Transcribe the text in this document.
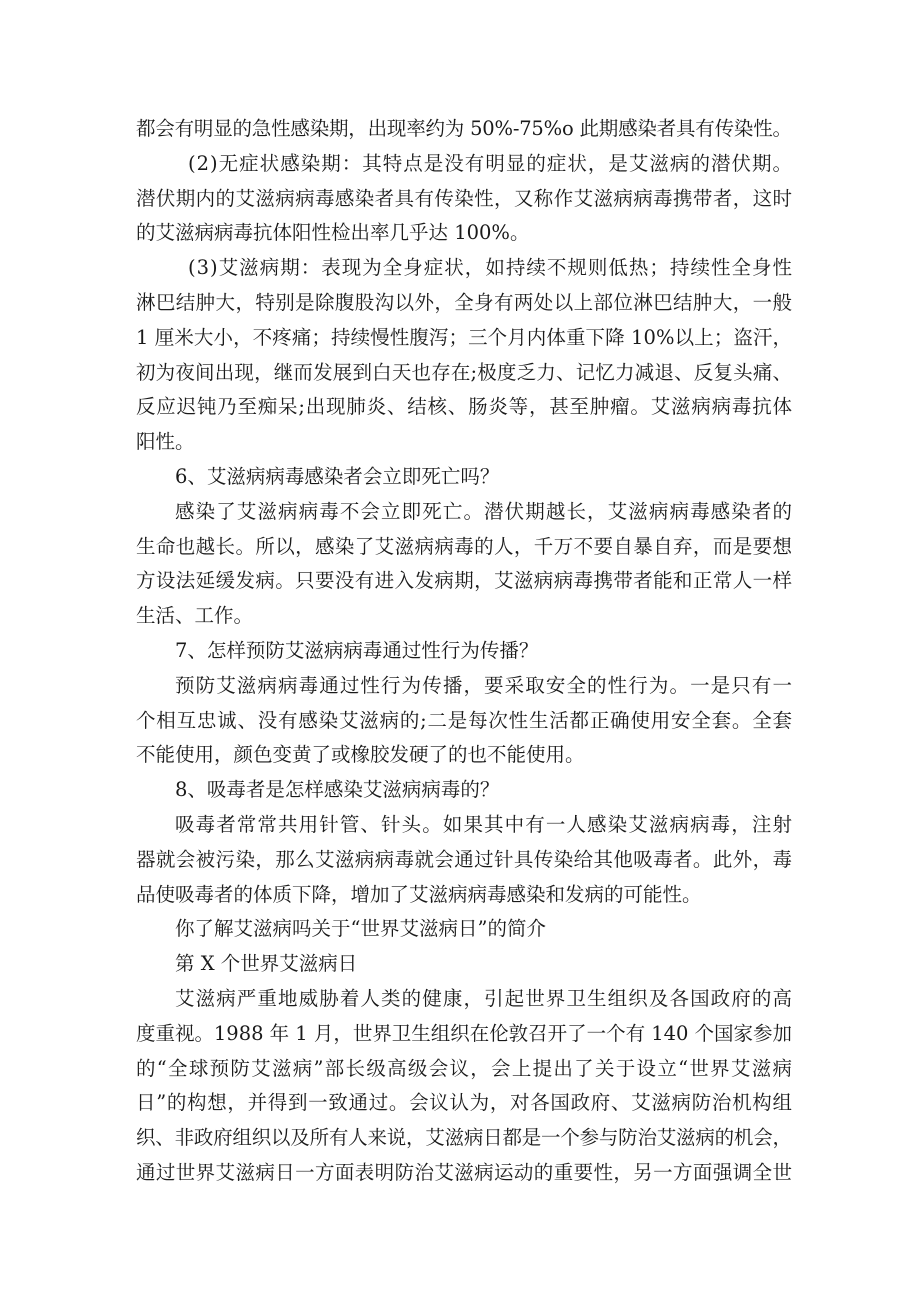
都会有明显的急性感染期，出现率约为 50%-75%o 此期感染者具有传染性。
(2)无症状感染期：其特点是没有明显的症状，是艾滋病的潜伏期。
潜伏期内的艾滋病病毒感染者具有传染性，又称作艾滋病病毒携带者，这时
的艾滋病病毒抗体阳性检出率几乎达 100%。
(3)艾滋病期：表现为全身症状，如持续不规则低热；持续性全身性
淋巴结肿大，特别是除腹股沟以外，全身有两处以上部位淋巴结肿大，一般
1 厘米大小，不疼痛；持续慢性腹泻；三个月内体重下降 10%以上；盗汗，
初为夜间出现，继而发展到白天也存在;极度乏力、记忆力减退、反复头痛、
反应迟钝乃至痴呆;出现肺炎、结核、肠炎等，甚至肿瘤。艾滋病病毒抗体
阳性。
6、艾滋病病毒感染者会立即死亡吗？
感染了艾滋病病毒不会立即死亡。潜伏期越长，艾滋病病毒感染者的
生命也越长。所以，感染了艾滋病病毒的人，千万不要自暴自弃，而是要想
方设法延缓发病。只要没有进入发病期，艾滋病病毒携带者能和正常人一样
生活、工作。
7、怎样预防艾滋病病毒通过性行为传播？
预防艾滋病病毒通过性行为传播，要采取安全的性行为。一是只有一
个相互忠诚、没有感染艾滋病的;二是每次性生活都正确使用安全套。全套
不能使用，颜色变黄了或橡胶发硬了的也不能使用。
8、吸毒者是怎样感染艾滋病病毒的？
吸毒者常常共用针管、针头。如果其中有一人感染艾滋病病毒，注射
器就会被污染，那么艾滋病病毒就会通过针具传染给其他吸毒者。此外，毒
品使吸毒者的体质下降，增加了艾滋病病毒感染和发病的可能性。
你了解艾滋病吗关于“世界艾滋病日”的简介
第 X 个世界艾滋病日
艾滋病严重地威胁着人类的健康，引起世界卫生组织及各国政府的高
度重视。1988 年 1 月，世界卫生组织在伦敦召开了一个有 140 个国家参加
的“全球预防艾滋病”部长级高级会议，会上提出了关于设立“世界艾滋病
日”的构想，并得到一致通过。会议认为，对各国政府、艾滋病防治机构组
织、非政府组织以及所有人来说，艾滋病日都是一个参与防治艾滋病的机会，
通过世界艾滋病日一方面表明防治艾滋病运动的重要性，另一方面强调全世
